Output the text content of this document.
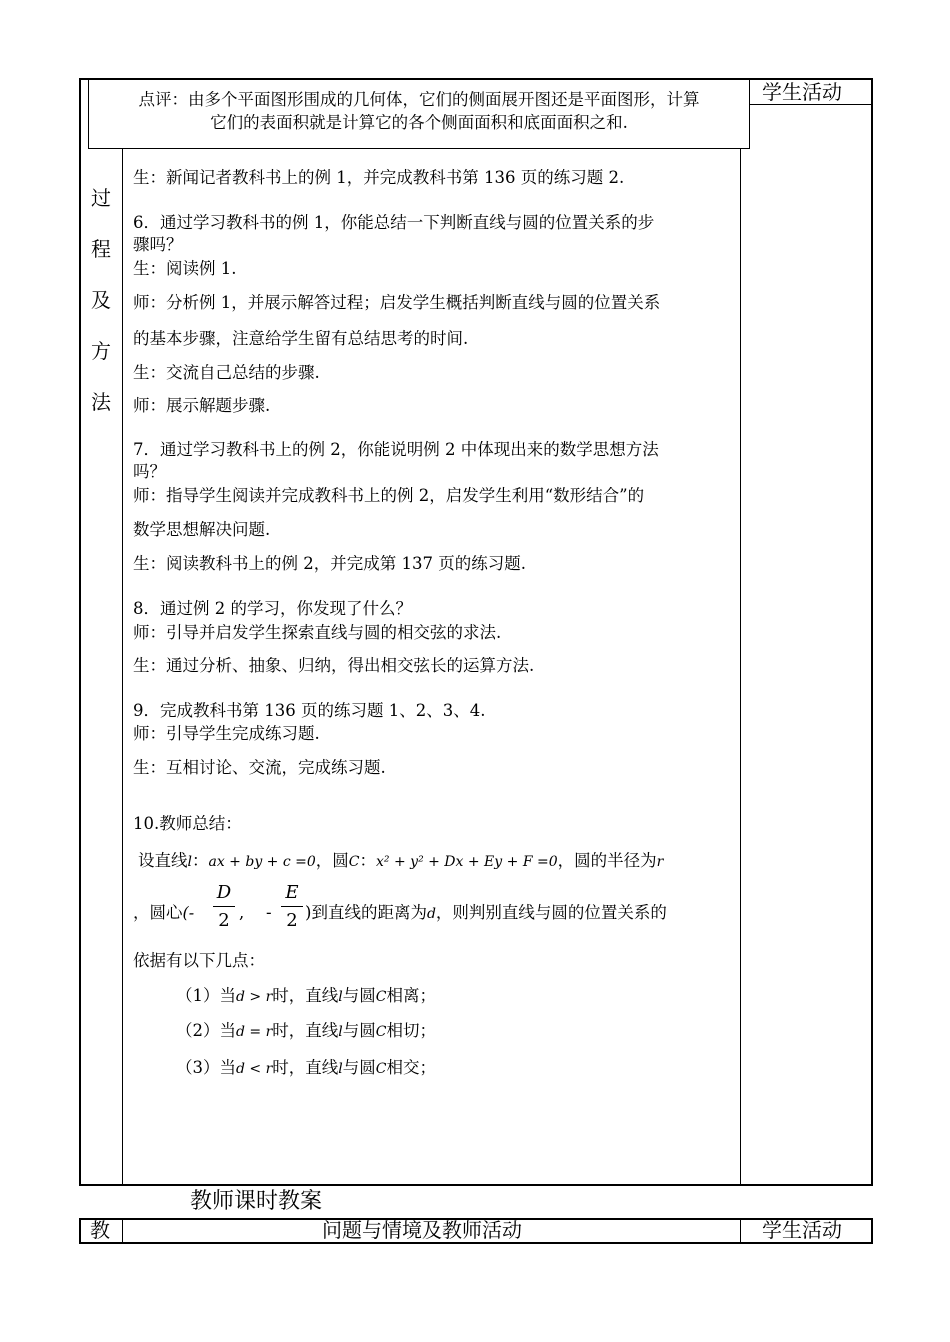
学生活动
过
程
及
方
法
点评：由多个平面图形围成的几何体，它们的侧面展开图还是平面图形，计算
它们的表面积就是计算它的各个侧面面积和底面面积之和.
生：新闻记者教科书上的例 1，并完成教科书第 136 页的练习题 2.
6．通过学习教科书的例 1，你能总结一下判断直线与圆的位置关系的步
骤吗？
生：阅读例 1.
师：分析例 1，并展示解答过程；启发学生概括判断直线与圆的位置关系
的基本步骤，注意给学生留有总结思考的时间.
生：交流自己总结的步骤.
师：展示解题步骤.
7．通过学习教科书上的例 2，你能说明例 2 中体现出来的数学思想方法
吗？
师：指导学生阅读并完成教科书上的例 2，启发学生利用“数形结合”的
数学思想解决问题.
生：阅读教科书上的例 2，并完成第 137 页的练习题.
8．通过例 2 的学习，你发现了什么？
师：引导并启发学生探索直线与圆的相交弦的求法.
生：通过分析、抽象、归纳，得出相交弦长的运算方法.
9．完成教科书第 136 页的练习题 1、2、3、4.
师：引导学生完成练习题.
生：互相讨论、交流，完成练习题.
10.教师总结：
设直线l：ax + by + c =0，圆C：x² + y² + Dx + Ey + F =0，圆的半径为r
，圆心(-
D
2 , -
E
2 )到直线的距离为d，则判别直线与圆的位置关系的
依据有以下几点：
（1）当d > r时，直线l与圆C相离；
（2）当d = r时，直线l与圆C相切；
（3）当d < r时，直线l与圆C相交；
教师课时教案
教	问题与情境及教师活动	学生活动
